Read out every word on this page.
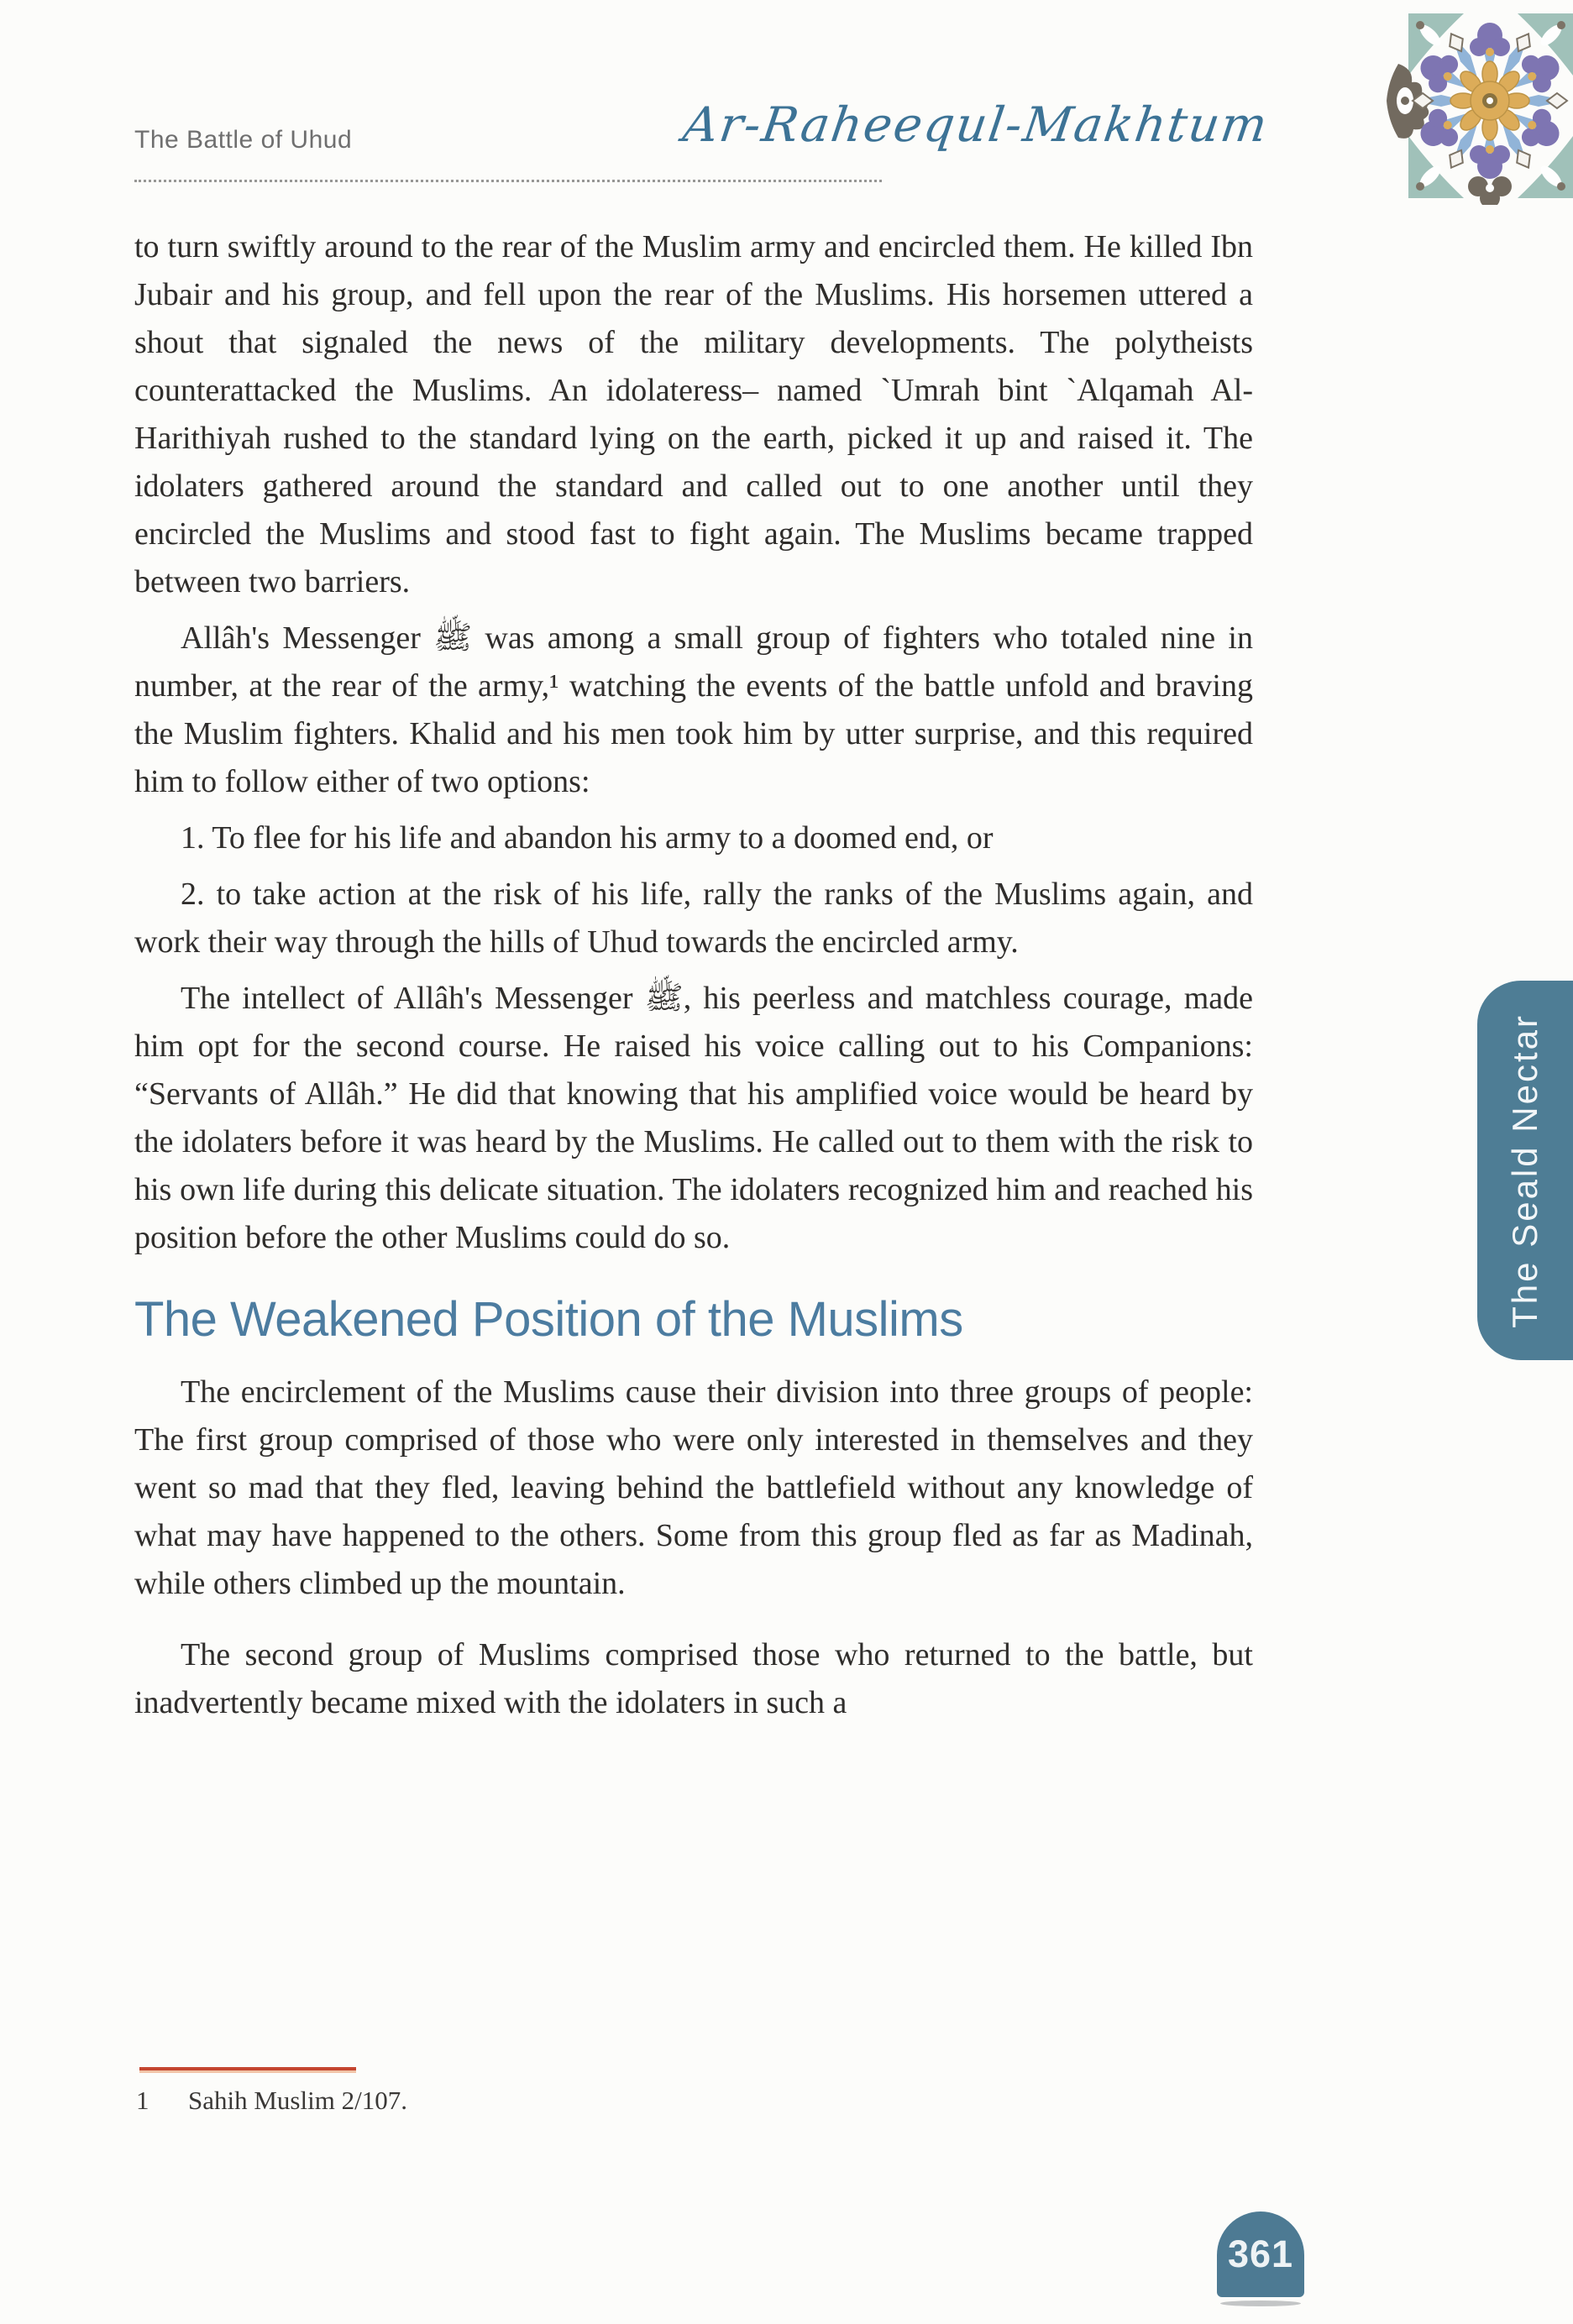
The Battle of Uhud	Ar-Raheequl-Makhtum

to turn swiftly around to the rear of the Muslim army and encircled them. He killed Ibn Jubair and his group, and fell upon the rear of the Muslims. His horsemen uttered a shout that signaled the news of the military developments. The polytheists counterattacked the Muslims. An idolateress– named `Umrah bint `Alqamah Al-Harithiyah rushed to the standard lying on the earth, picked it up and raised it. The idolaters gathered around the standard and called out to one another until they encircled the Muslims and stood fast to fight again. The Muslims became trapped between two barriers.

Allâh's Messenger ﷺ was among a small group of fighters who totaled nine in number, at the rear of the army,¹ watching the events of the battle unfold and braving the Muslim fighters. Khalid and his men took him by utter surprise, and this required him to follow either of two options:

1. To flee for his life and abandon his army to a doomed end, or

2. to take action at the risk of his life, rally the ranks of the Muslims again, and work their way through the hills of Uhud towards the encircled army.

The intellect of Allâh's Messenger ﷺ, his peerless and matchless courage, made him opt for the second course. He raised his voice calling out to his Companions: “Servants of Allâh.” He did that knowing that his amplified voice would be heard by the idolaters before it was heard by the Muslims. He called out to them with the risk to his own life during this delicate situation. The idolaters recognized him and reached his position before the other Muslims could do so.

The Weakened Position of the Muslims

The encirclement of the Muslims cause their division into three groups of people: The first group comprised of those who were only interested in themselves and they went so mad that they fled, leaving behind the battlefield without any knowledge of what may have happened to the others. Some from this group fled as far as Madinah, while others climbed up the mountain.

The second group of Muslims comprised those who returned to the battle, but inadvertently became mixed with the idolaters in such a

1 Sahih Muslim 2/107.
The Seald Nectar
361
